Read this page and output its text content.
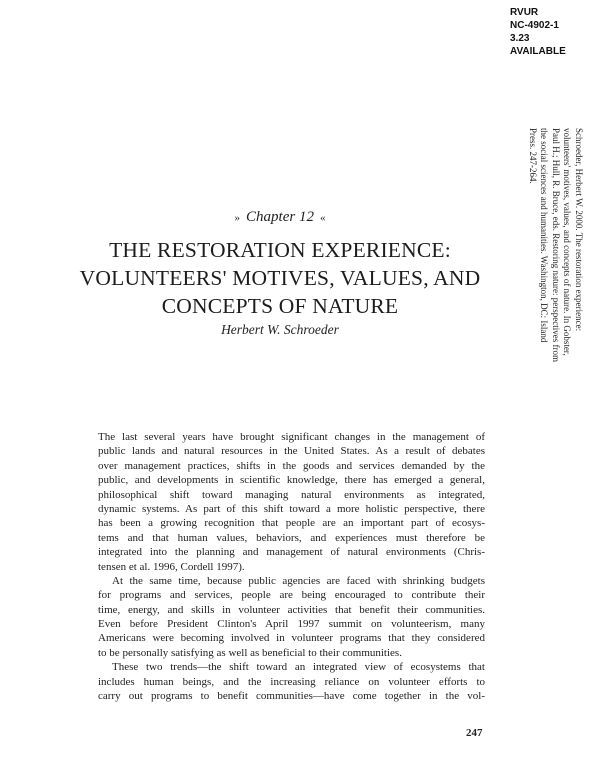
RVUR
NC-4902-1
3.23
AVAILABLE
Schroeder, Herbert W. 2000. The restoration experience:
volunteers' motives, values, and concepts of nature. In Gobster,
Paul H.; Hull, R. Bruce, eds. Restoring nature: perspectives from
the social sciences and humanities. Washington, DC: Island
Press. 247-264.
» Chapter 12 «
THE RESTORATION EXPERIENCE:
VOLUNTEERS' MOTIVES, VALUES, AND
CONCEPTS OF NATURE
Herbert W. Schroeder
The last several years have brought significant changes in the management of
public lands and natural resources in the United States. As a result of debates
over management practices, shifts in the goods and services demanded by the
public, and developments in scientific knowledge, there has emerged a general,
philosophical shift toward managing natural environments as integrated,
dynamic systems. As part of this shift toward a more holistic perspective, there
has been a growing recognition that people are an important part of ecosys-
tems and that human values, behaviors, and experiences must therefore be
integrated into the planning and management of natural environments (Chris-
tensen et al. 1996, Cordell 1997).
At the same time, because public agencies are faced with shrinking budgets
for programs and services, people are being encouraged to contribute their
time, energy, and skills in volunteer activities that benefit their communities.
Even before President Clinton's April 1997 summit on volunteerism, many
Americans were becoming involved in volunteer programs that they considered
to be personally satisfying as well as beneficial to their communities.
These two trends—the shift toward an integrated view of ecosystems that
includes human beings, and the increasing reliance on volunteer efforts to
carry out programs to benefit communities—have come together in the vol-
247
